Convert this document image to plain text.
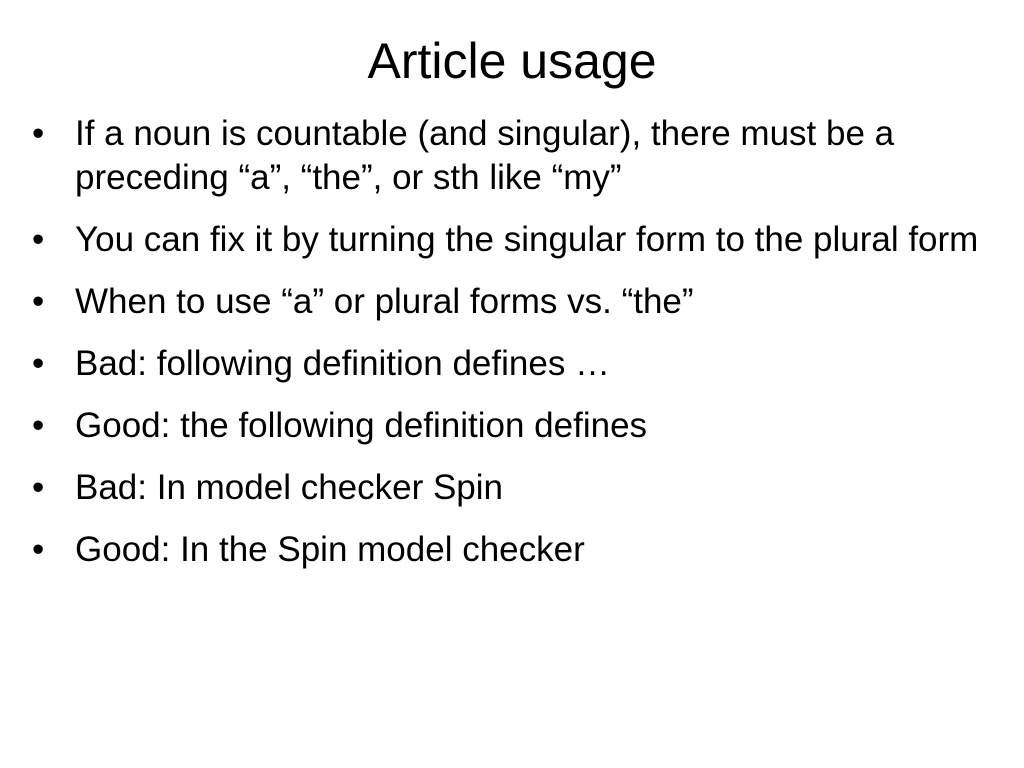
Article usage
• If a noun is countable (and singular), there must be a preceding “a”, “the”, or sth like “my”
• You can fix it by turning the singular form to the plural form
• When to use “a” or plural forms vs. “the”
• Bad: following definition defines …
• Good: the following definition defines
• Bad: In model checker Spin
• Good: In the Spin model checker
